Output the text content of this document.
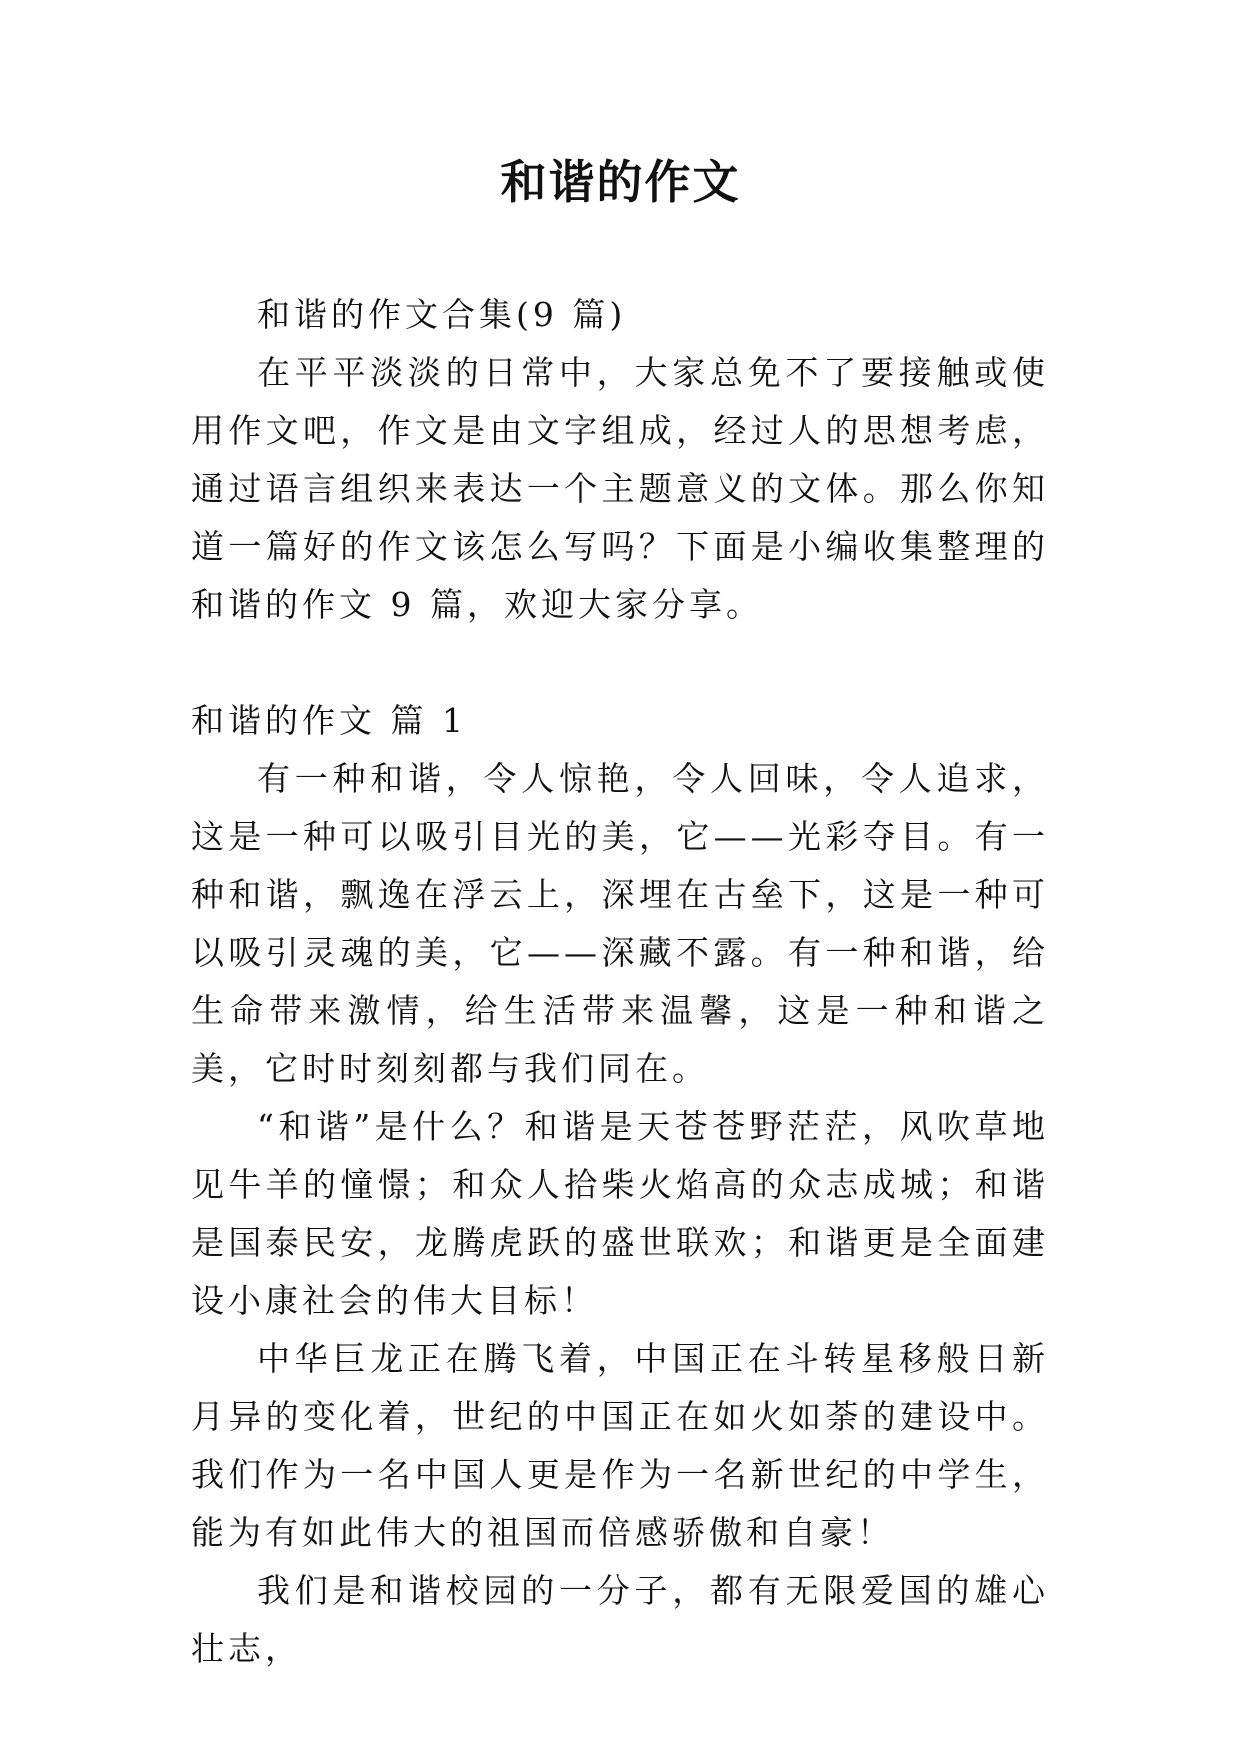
和谐的作文

和谐的作文合集(9 篇)

在平平淡淡的日常中，大家总免不了要接触或使用作文吧，作文是由文字组成，经过人的思想考虑，通过语言组织来表达一个主题意义的文体。那么你知道一篇好的作文该怎么写吗？下面是小编收集整理的和谐的作文 9 篇，欢迎大家分享。

和谐的作文 篇 1

有一种和谐，令人惊艳，令人回味，令人追求，这是一种可以吸引目光的美，它——光彩夺目。有一种和谐，飘逸在浮云上，深埋在古垒下，这是一种可以吸引灵魂的美，它——深藏不露。有一种和谐，给生命带来激情，给生活带来温馨，这是一种和谐之美，它时时刻刻都与我们同在。

“和谐”是什么？和谐是天苍苍野茫茫，风吹草地见牛羊的憧憬；和众人拾柴火焰高的众志成城；和谐是国泰民安，龙腾虎跃的盛世联欢；和谐更是全面建设小康社会的伟大目标！

中华巨龙正在腾飞着，中国正在斗转星移般日新月异的变化着，世纪的中国正在如火如荼的建设中。我们作为一名中国人更是作为一名新世纪的中学生，能为有如此伟大的祖国而倍感骄傲和自豪！

我们是和谐校园的一分子，都有无限爱国的雄心壮志，
